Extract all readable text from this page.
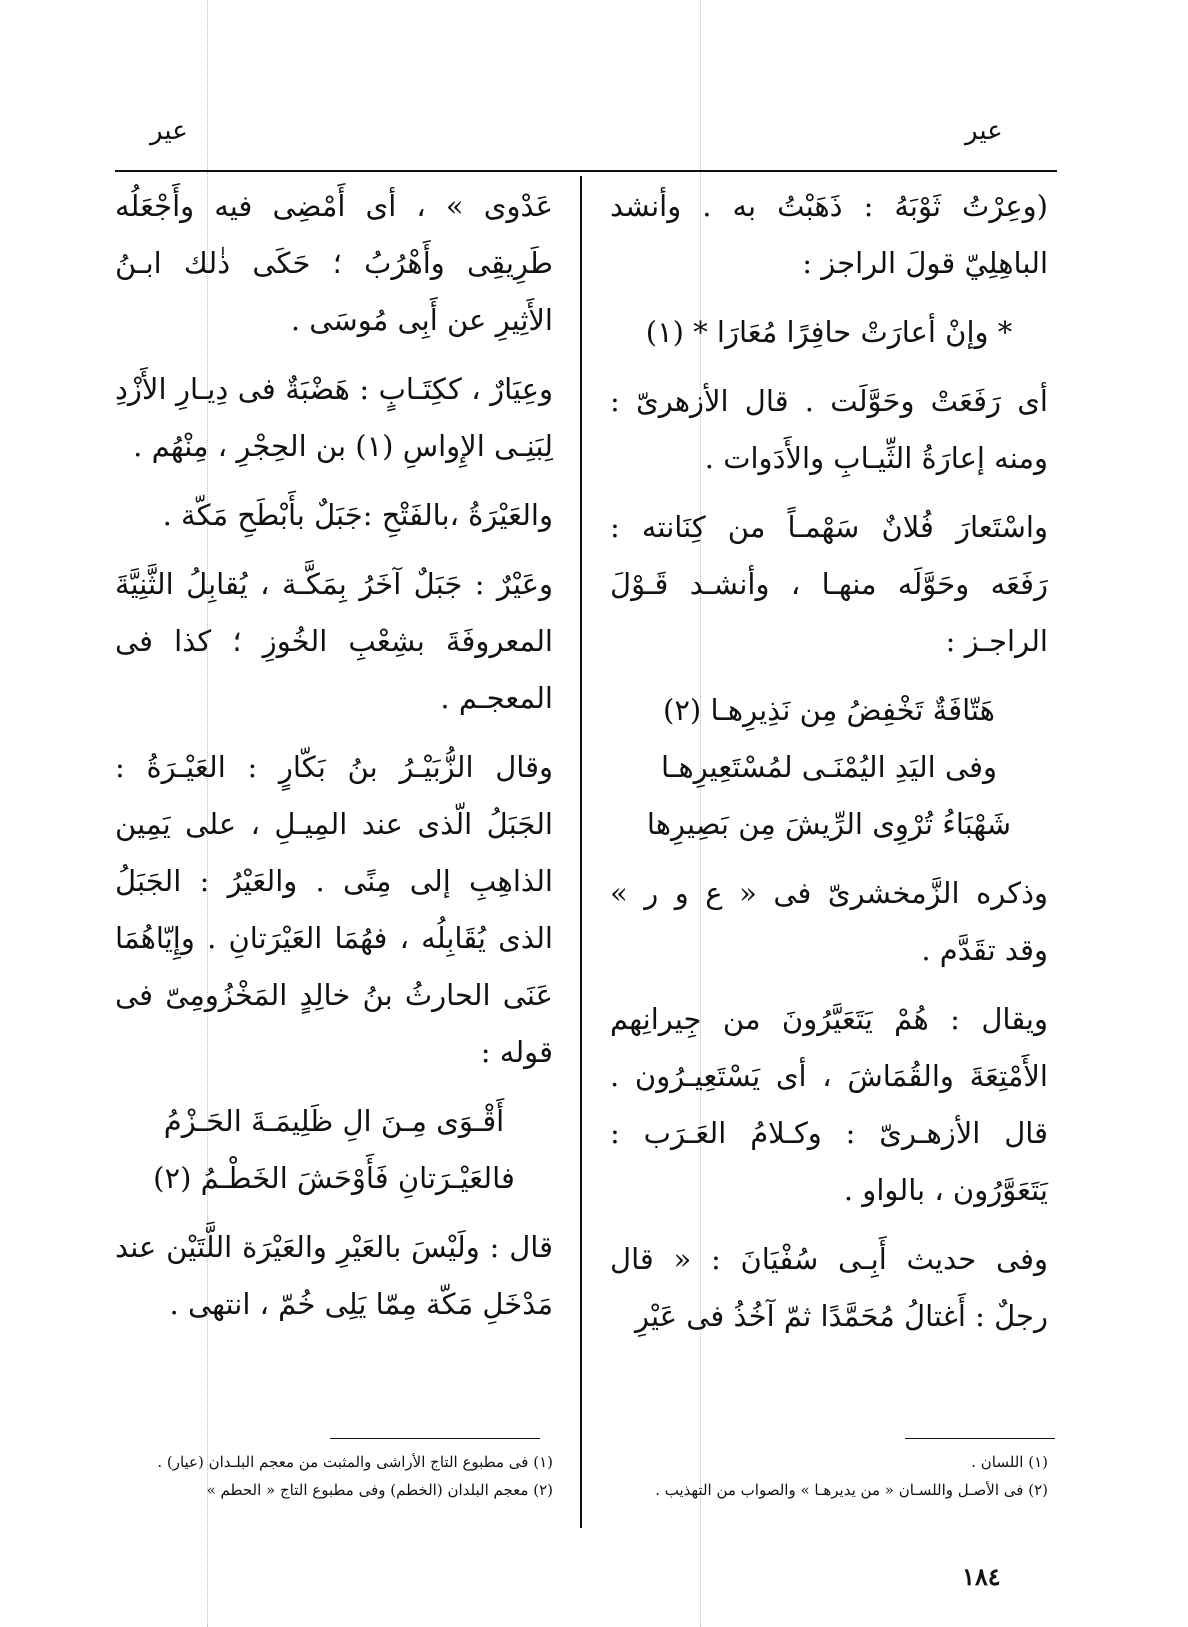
عير
عير

(وعِرْتُ ثَوْبَهُ : ذَهَبْتُ به . وأنشد الباهِلِيّ قولَ الراجز :

* وإنْ أعارَتْ حافِرًا مُعَارَا * (١)

أى رَفَعَتْ وحَوَّلَت . قال الأزهرىّ : ومنه إعارَةُ الثِّيـابِ والأَدَوات .

واسْتَعارَ فُلانٌ سَهْمـاً من كِنَانته : رَفَعَه وحَوَّلَه منهـا ، وأنشـد قَـوْلَ الراجـز :

هَتّافَةٌ تَخْفِضُ مِن نَذِيرِهـا (٢)
وفى اليَدِ اليُمْنَـى لمُسْتَعِيرِهـا
شَهْبَاءُ تُرْوِى الرِّيشَ مِن بَصِيرِها

وذكره الزَّمخشرىّ فى « ع و ر » وقد تقَدَّم .

ويقال : هُمْ يَتَعَيَّرُونَ من جِيرانِهم الأَمْتِعَةَ والقُمَاشَ ، أى يَسْتَعِيـرُون . قال الأزهـرىّ : وكـلامُ العَـرَب : يَتَعَوَّرُون ، بالواو .

وفى حديث أَبِـى سُفْيَانَ : « قال رجلٌ : أَغتالُ مُحَمَّدًا ثمّ آخُذُ فى عَيْرِ

عَدْوى » ، أى أَمْضِى فيه وأَجْعَلُه طَرِيقِى وأَهْرُبُ ؛ حَكَى ذٰلك ابـنُ الأَثِيرِ عن أَبِى مُوسَى .

وعِيَارٌ ، ككِتَـابٍ : هَضْبَةٌ فى دِيـارِ الأَزْدِ لِبَنِـى الإِواسِ (١) بن الحِجْرِ ، مِنْهُم .

والعَيْرَةُ ،بالفَتْحِ :جَبَلٌ بأَبْطَحِ مَكّة .

وعَيْرٌ : جَبَلٌ آخَرُ بِمَكَّـة ، يُقابِلُ الثَّنِيَّةَ المعروفَةَ بشِعْبِ الخُوزِ ؛ كذا فى المعجـم .

وقال الزُّبَيْـرُ بنُ بَكّارٍ : العَيْـرَةُ : الجَبَلُ الّذى عند المِيـلِ ، على يَمِين الذاهِبِ إلى مِنًى . والعَيْرُ : الجَبَلُ الذى يُقَابِلُه ، فهُمَا العَيْرَتانِ . وإِيّاهُمَا عَنَى الحارثُ بنُ خالِدٍ المَخْزُومِىّ فى قوله :

أَقْـوَى مِـنَ الِ ظَلِيمَـةَ الحَـزْمُ
فالعَيْـرَتانِ فَأَوْحَشَ الخَطْـمُ (٢)

قال : ولَيْسَ بالعَيْرِ والعَيْرَة اللَّتَيْن عند مَدْخَلِ مَكّة مِمّا يَلِى خُمّ ، انتهى .

(١) اللسان .
(٢) فى الأصـل واللسـان « من يديرهـا » والصواب من التهذيب .
(١) فى مطبوع التاج الأراشى والمثبت من معجم البلـدان (عيار) .
(٢) معجم البلدان (الخطم) وفى مطبوع التاج « الحطم »
١٨٤
